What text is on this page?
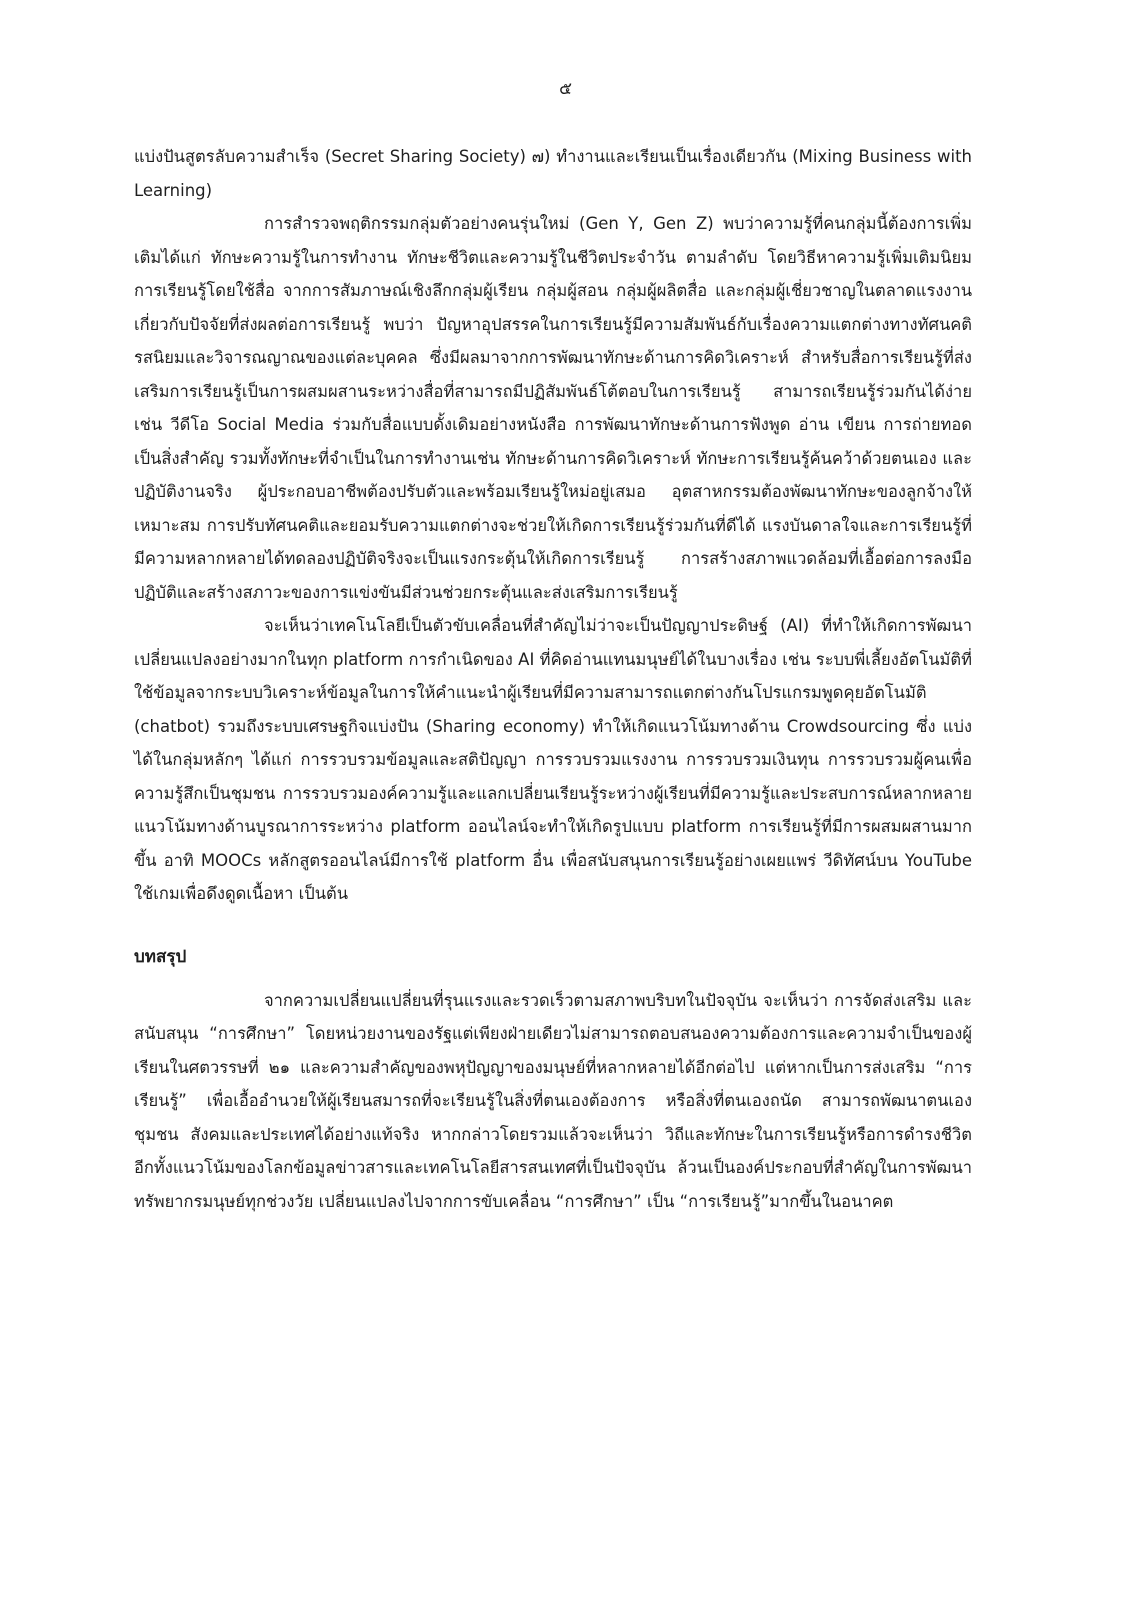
๕

แบ่งปันสูตรลับความสำเร็จ (Secret Sharing Society) ๗) ทำงานและเรียนเป็นเรื่องเดียวกัน (Mixing Business with Learning)

การสำรวจพฤติกรรมกลุ่มตัวอย่างคนรุ่นใหม่ (Gen Y, Gen Z) พบว่าความรู้ที่คนกลุ่มนี้ต้องการเพิ่มเติมได้แก่ ทักษะความรู้ในการทำงาน ทักษะชีวิตและความรู้ในชีวิตประจำวัน ตามลำดับ โดยวิธีหาความรู้เพิ่มเติมนิยมการเรียนรู้โดยใช้สื่อ จากการสัมภาษณ์เชิงลึกกลุ่มผู้เรียน กลุ่มผู้สอน กลุ่มผู้ผลิตสื่อ และกลุ่มผู้เชี่ยวชาญในตลาดแรงงาน เกี่ยวกับปัจจัยที่ส่งผลต่อการเรียนรู้ พบว่า ปัญหาอุปสรรคในการเรียนรู้มีความสัมพันธ์กับเรื่องความแตกต่างทางทัศนคติ รสนิยมและวิจารณญาณของแต่ละบุคคล ซึ่งมีผลมาจากการพัฒนาทักษะด้านการคิดวิเคราะห์ สำหรับสื่อการเรียนรู้ที่ส่งเสริมการเรียนรู้เป็นการผสมผสานระหว่างสื่อที่สามารถมีปฏิสัมพันธ์โต้ตอบในการเรียนรู้ สามารถเรียนรู้ร่วมกันได้ง่าย เช่น วีดีโอ Social Media ร่วมกับสื่อแบบดั้งเดิมอย่างหนังสือ การพัฒนาทักษะด้านการฟังพูด อ่าน เขียน การถ่ายทอด เป็นสิ่งสำคัญ รวมทั้งทักษะที่จำเป็นในการทำงานเช่น ทักษะด้านการคิดวิเคราะห์ ทักษะการเรียนรู้ค้นคว้าด้วยตนเอง และปฏิบัติงานจริง ผู้ประกอบอาชีพต้องปรับตัวและพร้อมเรียนรู้ใหม่อยู่เสมอ อุตสาหกรรมต้องพัฒนาทักษะของลูกจ้างให้เหมาะสม การปรับทัศนคติและยอมรับความแตกต่างจะช่วยให้เกิดการเรียนรู้ร่วมกันที่ดีได้ แรงบันดาลใจและการเรียนรู้ที่มีความหลากหลายได้ทดลองปฏิบัติจริงจะเป็นแรงกระตุ้นให้เกิดการเรียนรู้ การสร้างสภาพแวดล้อมที่เอื้อต่อการลงมือปฏิบัติและสร้างสภาวะของการแข่งขันมีส่วนช่วยกระตุ้นและส่งเสริมการเรียนรู้

จะเห็นว่าเทคโนโลยีเป็นตัวขับเคลื่อนที่สำคัญไม่ว่าจะเป็นปัญญาประดิษฐ์ (AI) ที่ทำให้เกิดการพัฒนาเปลี่ยนแปลงอย่างมากในทุก platform การกำเนิดของ AI ที่คิดอ่านแทนมนุษย์ได้ในบางเรื่อง เช่น ระบบพี่เลี้ยงอัตโนมัติที่ใช้ข้อมูลจากระบบวิเคราะห์ข้อมูลในการให้คำแนะนำผู้เรียนที่มีความสามารถแตกต่างกันโปรแกรมพูดคุยอัตโนมัติ (chatbot) รวมถึงระบบเศรษฐกิจแบ่งปัน (Sharing economy) ทำให้เกิดแนวโน้มทางด้าน Crowdsourcing ซึ่ง แบ่งได้ในกลุ่มหลักๆ ได้แก่ การรวบรวมข้อมูลและสติปัญญา การรวบรวมแรงงาน การรวบรวมเงินทุน การรวบรวมผู้คนเพื่อความรู้สึกเป็นชุมชน การรวบรวมองค์ความรู้และแลกเปลี่ยนเรียนรู้ระหว่างผู้เรียนที่มีความรู้และประสบการณ์หลากหลายแนวโน้มทางด้านบูรณาการระหว่าง platform ออนไลน์จะทำให้เกิดรูปแบบ platform การเรียนรู้ที่มีการผสมผสานมากขึ้น อาทิ MOOCs หลักสูตรออนไลน์มีการใช้ platform อื่น เพื่อสนับสนุนการเรียนรู้อย่างเผยแพร่ วีดิทัศน์บน YouTube ใช้เกมเพื่อดึงดูดเนื้อหา เป็นต้น

บทสรุป

จากความเปลี่ยนแปลี่ยนที่รุนแรงและรวดเร็วตามสภาพบริบทในปัจจุบัน จะเห็นว่า การจัดส่งเสริม และสนับสนุน “การศึกษา” โดยหน่วยงานของรัฐแต่เพียงฝ่ายเดียวไม่สามารถตอบสนองความต้องการและความจำเป็นของผู้เรียนในศตวรรษที่ ๒๑ และความสำคัญของพหุปัญญาของมนุษย์ที่หลากหลายได้อีกต่อไป แต่หากเป็นการส่งเสริม “การเรียนรู้” เพื่อเอื้ออำนวยให้ผู้เรียนสมารถที่จะเรียนรู้ในสิ่งที่ตนเองต้องการ หรือสิ่งที่ตนเองถนัด สามารถพัฒนาตนเอง ชุมชน สังคมและประเทศได้อย่างแท้จริง หากกล่าวโดยรวมแล้วจะเห็นว่า วิถีและทักษะในการเรียนรู้หรือการดำรงชีวิต อีกทั้งแนวโน้มของโลกข้อมูลข่าวสารและเทคโนโลยีสารสนเทศที่เป็นปัจจุบัน ล้วนเป็นองค์ประกอบที่สำคัญในการพัฒนาทรัพยากรมนุษย์ทุกช่วงวัย เปลี่ยนแปลงไปจากการขับเคลื่อน “การศึกษา” เป็น “การเรียนรู้”มากขึ้นในอนาคต
